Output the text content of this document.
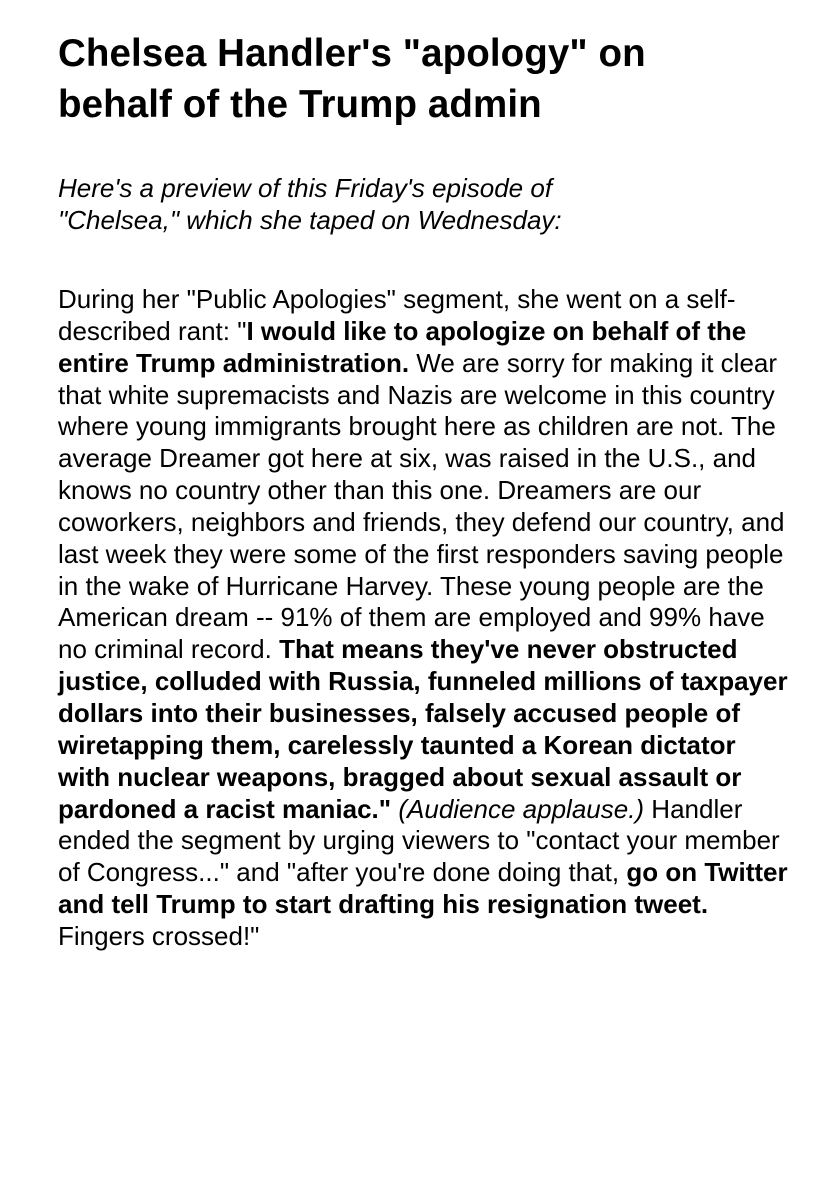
Chelsea Handler's "apology" on
behalf of the Trump admin

Here's a preview of this Friday's episode of
"Chelsea," which she taped on Wednesday:

During her "Public Apologies" segment, she went on a self-described rant: "I would like to apologize on behalf of the entire Trump administration. We are sorry for making it clear that white supremacists and Nazis are welcome in this country where young immigrants brought here as children are not. The average Dreamer got here at six, was raised in the U.S., and knows no country other than this one. Dreamers are our coworkers, neighbors and friends, they defend our country, and last week they were some of the first responders saving people in the wake of Hurricane Harvey. These young people are the American dream -- 91% of them are employed and 99% have no criminal record. That means they've never obstructed justice, colluded with Russia, funneled millions of taxpayer dollars into their businesses, falsely accused people of wiretapping them, carelessly taunted a Korean dictator with nuclear weapons, bragged about sexual assault or pardoned a racist maniac." (Audience applause.) Handler ended the segment by urging viewers to "contact your member of Congress..." and "after you're done doing that, go on Twitter and tell Trump to start drafting his resignation tweet. Fingers crossed!"
